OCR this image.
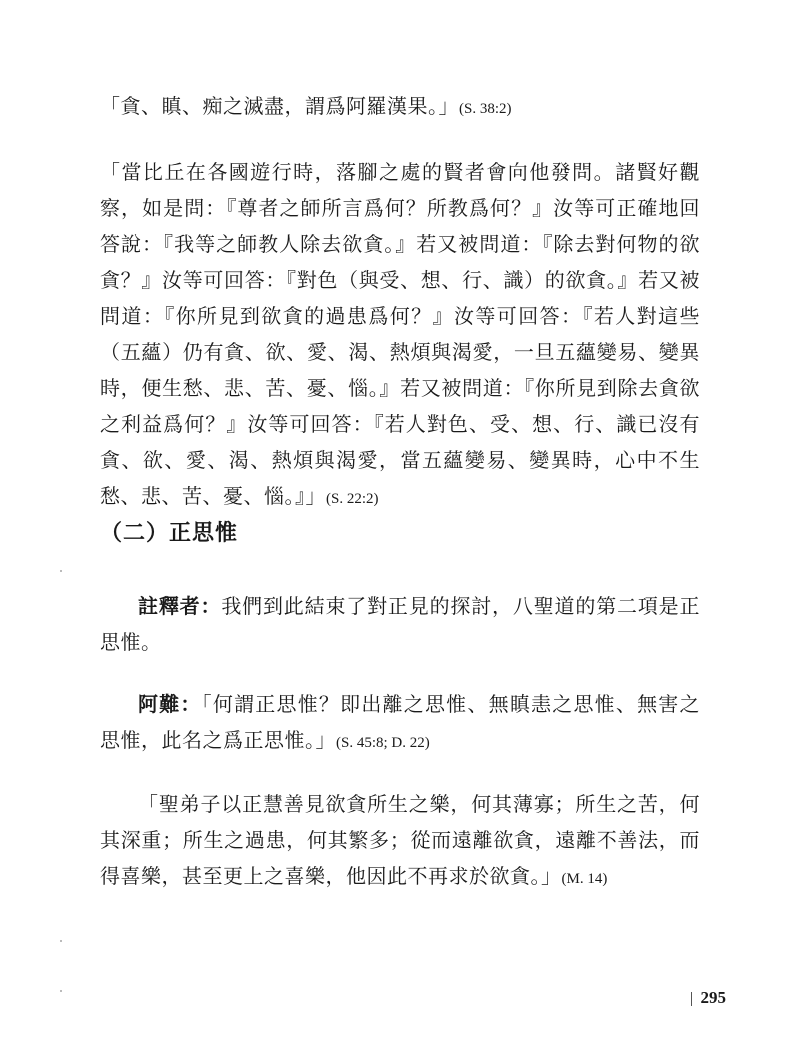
「貪、瞋、痴之滅盡，謂爲阿羅漢果。」(S. 38:2)
「當比丘在各國遊行時，落腳之處的賢者會向他發問。諸賢好觀察，如是問：『尊者之師所言爲何？所教爲何？』汝等可正確地回答說：『我等之師教人除去欲貪。』若又被問道：『除去對何物的欲貪？』汝等可回答：『對色（與受、想、行、識）的欲貪。』若又被問道：『你所見到欲貪的過患爲何？』汝等可回答：『若人對這些（五蘊）仍有貪、欲、愛、渴、熱煩與渴愛，一旦五蘊變易、變異時，便生愁、悲、苦、憂、惱。』若又被問道：『你所見到除去貪欲之利益爲何？』汝等可回答：『若人對色、受、想、行、識已沒有貪、欲、愛、渴、熱煩與渴愛，當五蘊變易、變異時，心中不生愁、悲、苦、憂、惱。』」(S. 22:2)
（二）正思惟
註釋者：我們到此結束了對正見的探討，八聖道的第二項是正思惟。
阿難：「何謂正思惟？即出離之思惟、無瞋恚之思惟、無害之思惟，此名之爲正思惟。」(S. 45:8; D. 22)
「聖弟子以正慧善見欲貪所生之樂，何其薄寡；所生之苦，何其深重；所生之過患，何其繁多；從而遠離欲貪，遠離不善法，而得喜樂，甚至更上之喜樂，他因此不再求於欲貪。」(M. 14)
295
